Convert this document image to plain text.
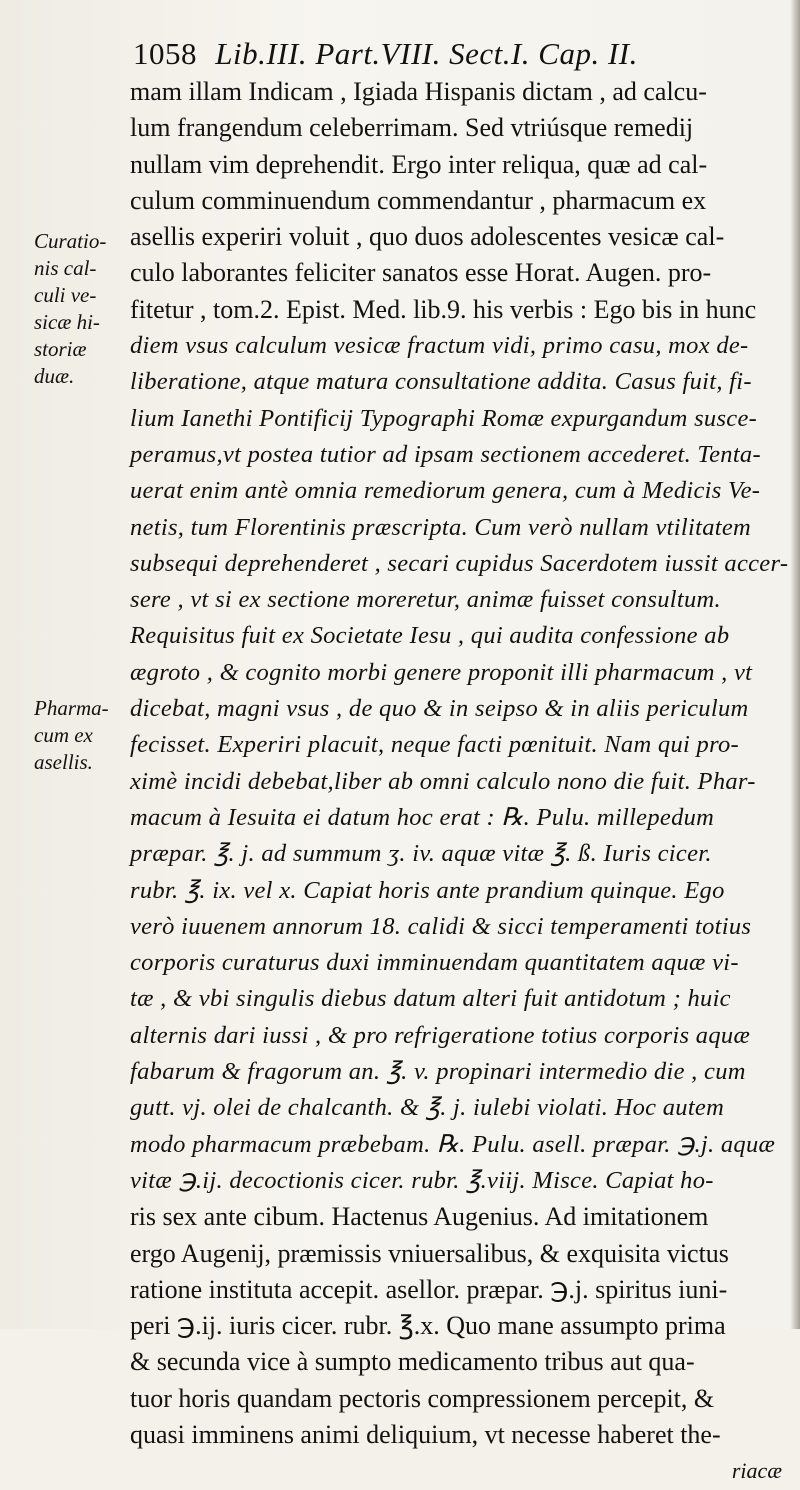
1058 Lib.III. Part.VIII. Sect.I. Cap. II.
Curatio-
nis cal-
culi ve-
sicæ hi-
storiæ
duæ.
Pharma-
cum ex
asellis.
mam illam Indicam , Igiada Hispanis dictam , ad calcu-
lum frangendum celeberrimam. Sed vtriúsque remedij
nullam vim deprehendit. Ergo inter reliqua, quæ ad cal-
culum comminuendum commendantur , pharmacum ex
asellis experiri voluit , quo duos adolescentes vesicæ cal-
culo laborantes feliciter sanatos esse Horat. Augen. pro-
fitetur , tom.2. Epist. Med. lib.9. his verbis : Ego bis in hunc
diem vsus calculum vesicæ fractum vidi, primo casu, mox de-
liberatione, atque matura consultatione addita. Casus fuit, fi-
lium Ianethi Pontificij Typographi Romæ expurgandum susce-
peramus,vt postea tutior ad ipsam sectionem accederet. Tenta-
uerat enim antè omnia remediorum genera, cum à Medicis Ve-
netis, tum Florentinis præscripta. Cum verò nullam vtilitatem
subsequi deprehenderet , secari cupidus Sacerdotem iussit accer-
sere , vt si ex sectione moreretur, animæ fuisset consultum.
Requisitus fuit ex Societate Iesu , qui audita confessione ab
ægroto , & cognito morbi genere proponit illi pharmacum , vt
dicebat, magni vsus , de quo & in seipso & in aliis periculum
fecisset. Experiri placuit, neque facti pœnituit. Nam qui pro-
ximè incidi debebat,liber ab omni calculo nono die fuit. Phar-
macum à Iesuita ei datum hoc erat : ℞. Pulu. millepedum
præpar. ℥. j. ad summum ʒ. iv. aquæ vitæ ℥. ß. Iuris cicer.
rubr. ℥. ix. vel x. Capiat horis ante prandium quinque. Ego
verò iuuenem annorum 18. calidi & sicci temperamenti totius
corporis curaturus duxi imminuendam quantitatem aquæ vi-
tæ , & vbi singulis diebus datum alteri fuit antidotum ; huic
alternis dari iussi , & pro refrigeratione totius corporis aquæ
fabarum & fragorum an. ℥. v. propinari intermedio die , cum
gutt. vj. olei de chalcanth. & ℥. j. iulebi violati. Hoc autem
modo pharmacum præbebam. ℞. Pulu. asell. præpar. ℈.j. aquæ
vitæ ℈.ij. decoctionis cicer. rubr. ℥.viij. Misce. Capiat ho-
ris sex ante cibum. Hactenus Augenius. Ad imitationem
ergo Augenij, præmissis vniuersalibus, & exquisita victus
ratione instituta accepit. asellor. præpar. ℈.j. spiritus iuni-
peri ℈.ij. iuris cicer. rubr. ℥.x. Quo mane assumpto prima
& secunda vice à sumpto medicamento tribus aut qua-
tuor horis quandam pectoris compressionem percepit, &
quasi imminens animi deliquium, vt necesse haberet the-
riacæ
